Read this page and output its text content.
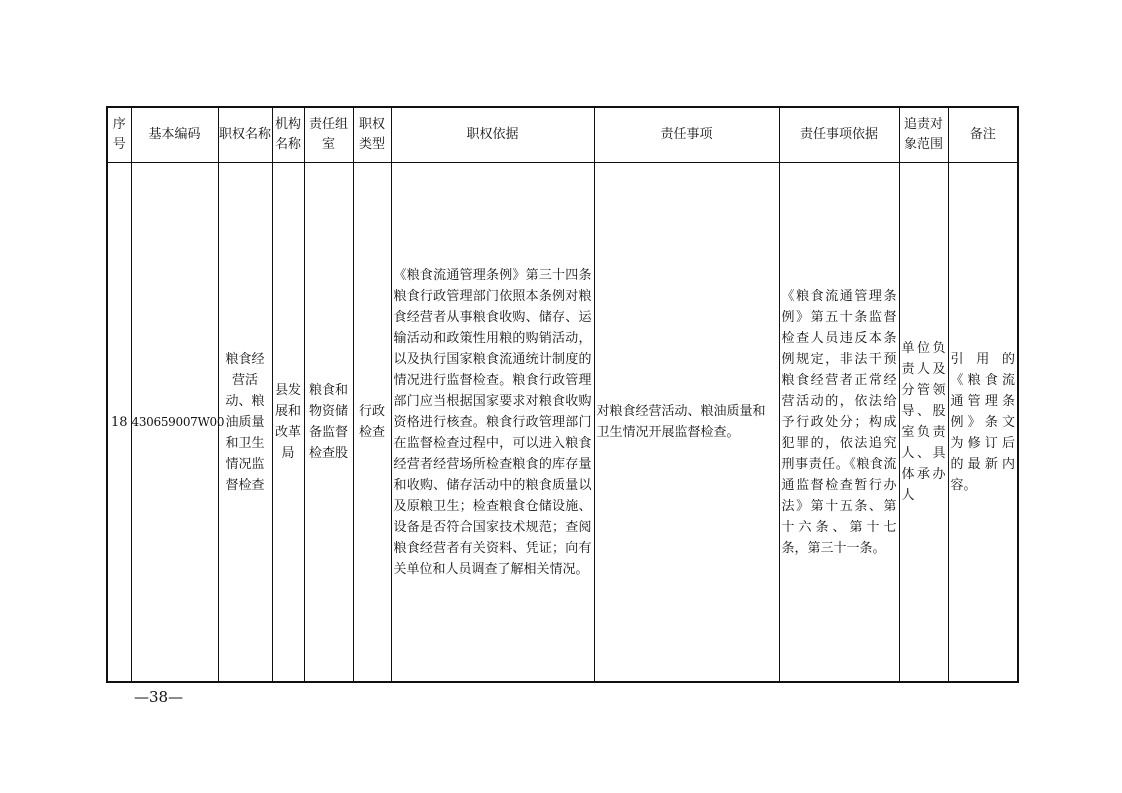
序号	基本编码	职权名称	机构名称	责任组室	职权类型	职权依据	责任事项	责任事项依据	追责对象范围	备注
18	430659007W00	粮食经营活动、粮油质量和卫生情况监督检查	县发展和改革局	粮食和物资储备监督检查股	行政检查	《粮食流通管理条例》第三十四条 粮食行政管理部门依照本条例对粮食经营者从事粮食收购、储存、运输活动和政策性用粮的购销活动，以及执行国家粮食流通统计制度的情况进行监督检查。粮食行政管理部门应当根据国家要求对粮食收购资格进行核查。粮食行政管理部门在监督检查过程中，可以进入粮食经营者经营场所检查粮食的库存量和收购、储存活动中的粮食质量以及原粮卫生；检查粮食仓储设施、设备是否符合国家技术规范；查阅粮食经营者有关资料、凭证；向有关单位和人员调查了解相关情况。	对粮食经营活动、粮油质量和卫生情况开展监督检查。	《粮食流通管理条例》第五十条监督检查人员违反本条例规定，非法干预粮食经营者正常经营活动的，依法给予行政处分；构成犯罪的，依法追究刑事责任。《粮食流通监督检查暂行办法》第十五条、第十六条、第十七条，第三十一条。	单位负责人及分管领导、股室负责人、具体承办人	引用的《粮食流通管理条例》条文为修订后的最新内容。
—38—
